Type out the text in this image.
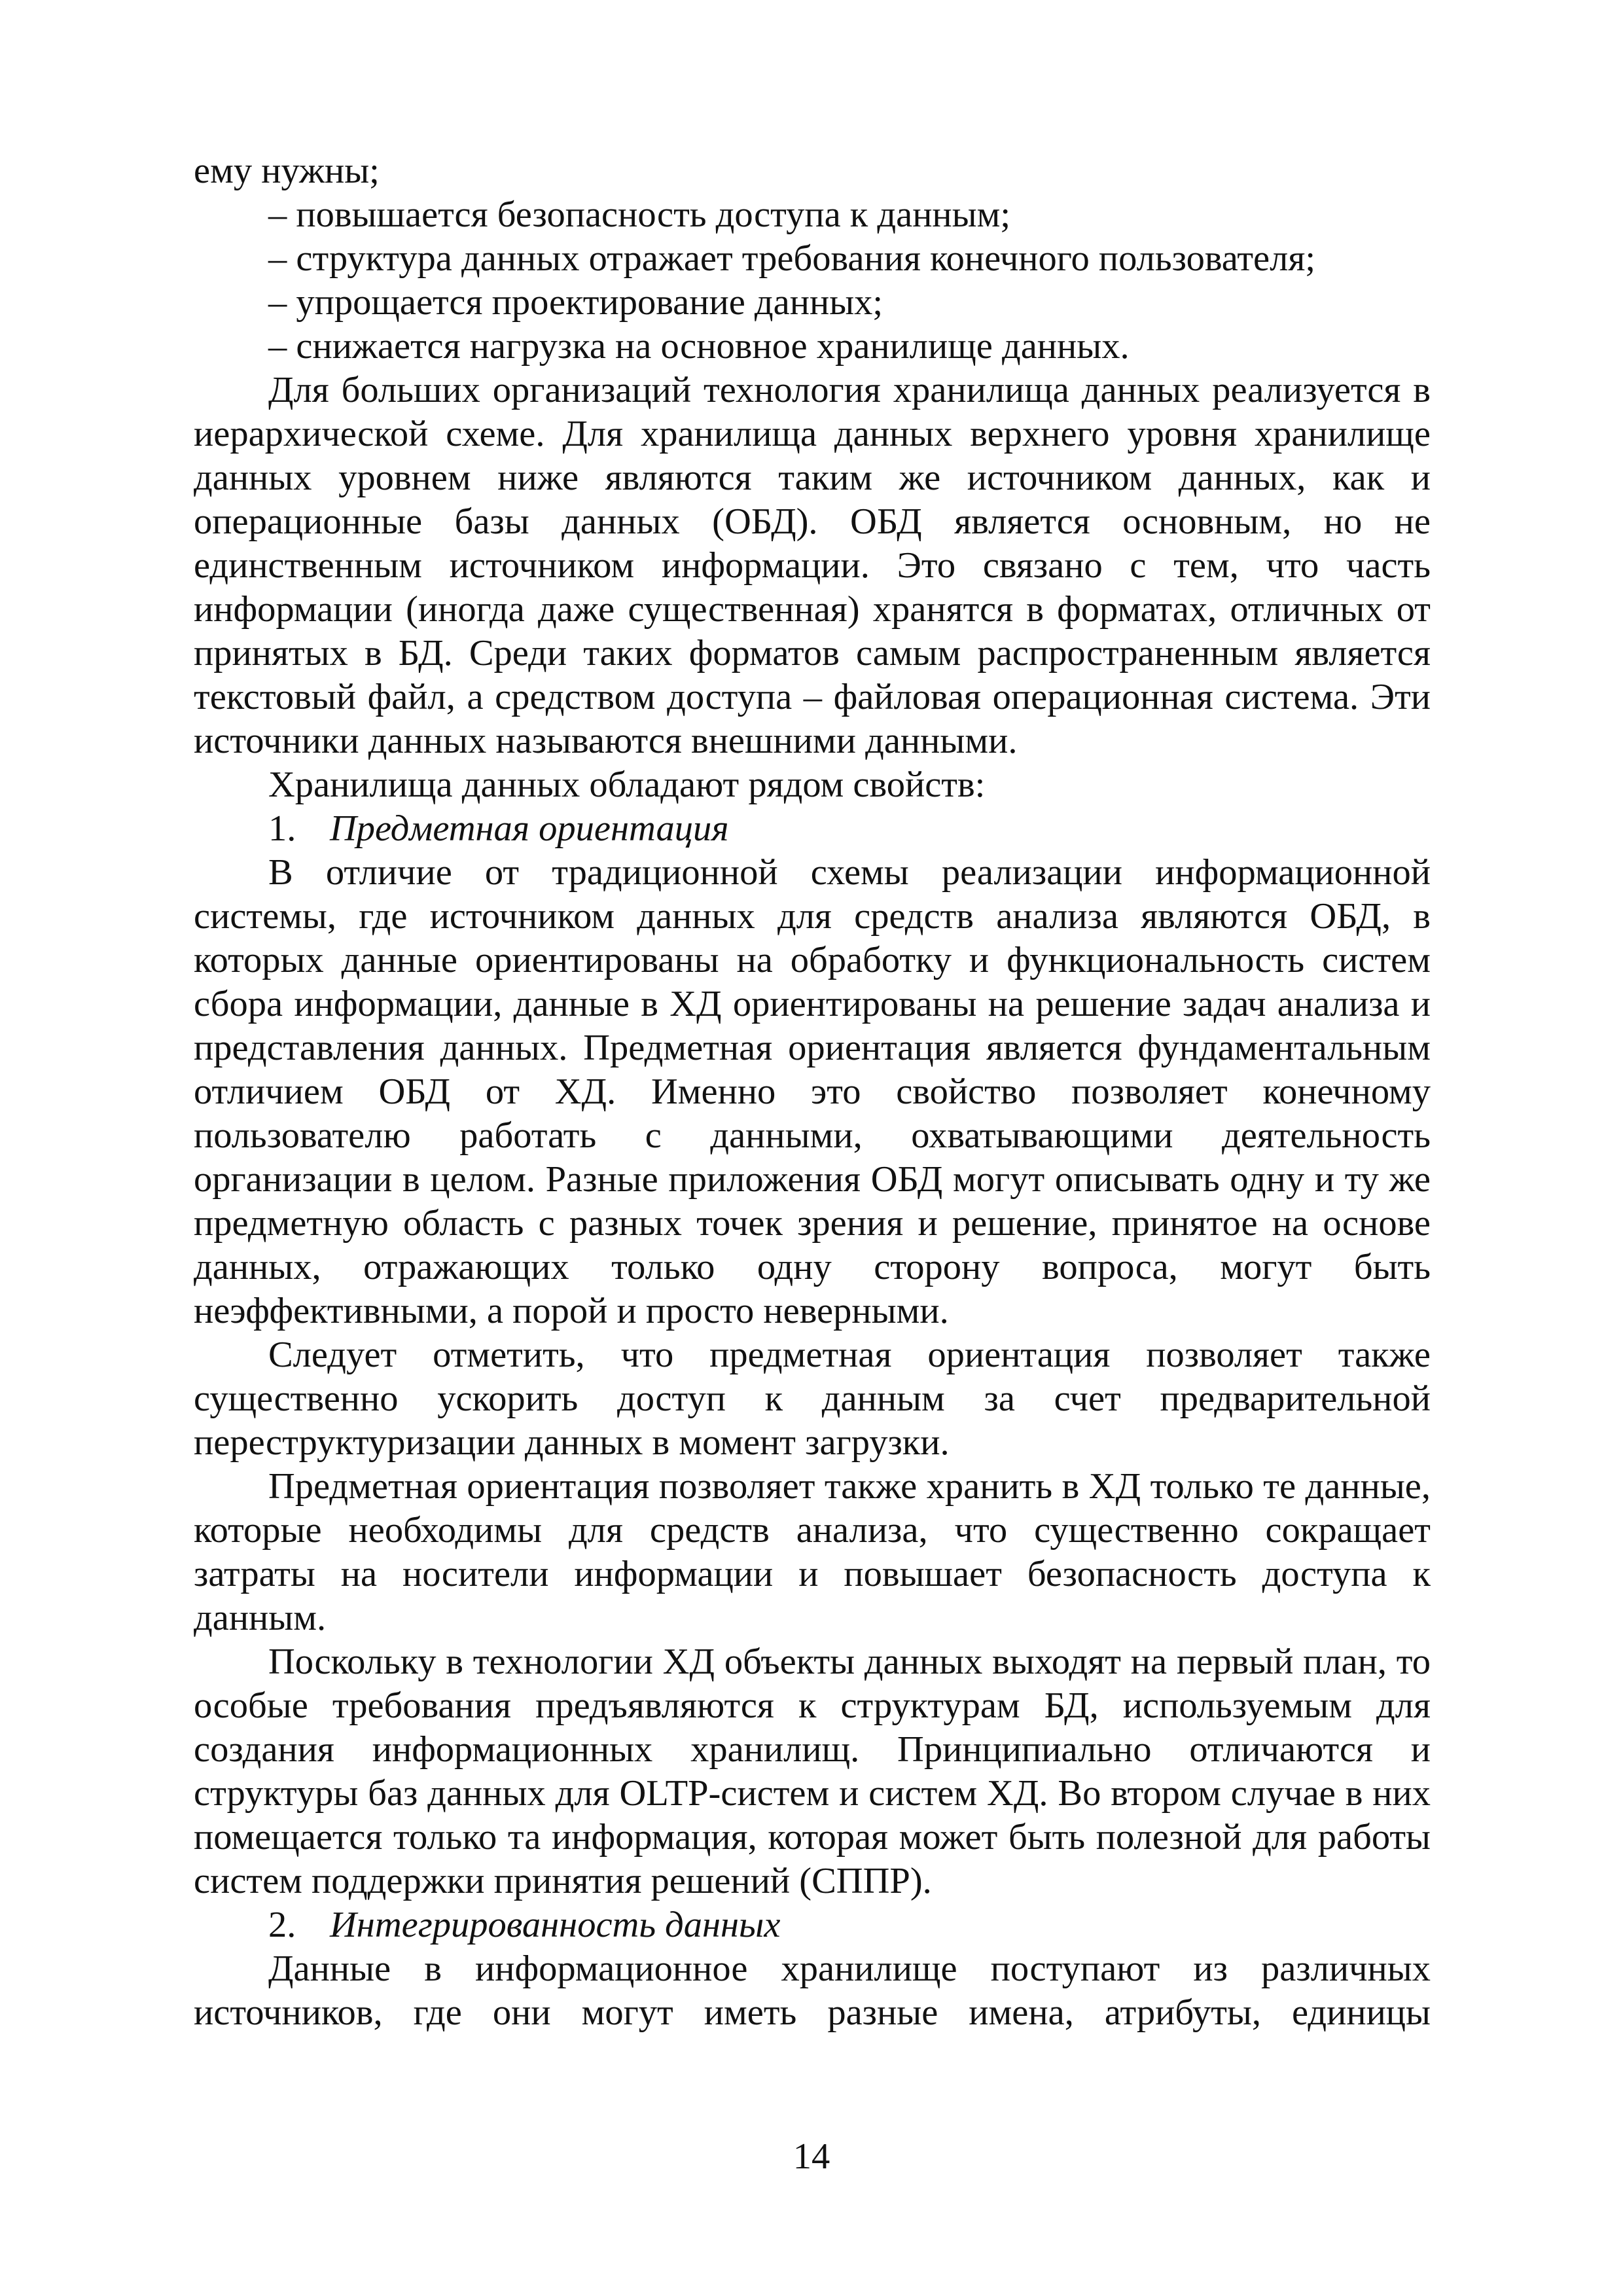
ему нужны;

– повышается безопасность доступа к данным;

– структура данных отражает требования конечного пользователя;

– упрощается проектирование данных;

– снижается нагрузка на основное хранилище данных.

Для больших организаций технология хранилища данных реализуется в иерархической схеме. Для хранилища данных верхнего уровня хранилище данных уровнем ниже являются таким же источником данных, как и операционные базы данных (ОБД). ОБД является основным, но не единственным источником информации. Это связано с тем, что часть информации (иногда даже существенная) хранятся в форматах, отличных от принятых в БД. Среди таких форматов самым распространенным является текстовый файл, а средством доступа – файловая операционная система. Эти источники данных называются внешними данными.

Хранилища данных обладают рядом свойств:

1. Предметная ориентация

В отличие от традиционной схемы реализации информационной системы, где источником данных для средств анализа являются ОБД, в которых данные ориентированы на обработку и функциональность систем сбора информации, данные в ХД ориентированы на решение задач анализа и представления данных. Предметная ориентация является фундаментальным отличием ОБД от ХД. Именно это свойство позволяет конечному пользователю работать с данными, охватывающими деятельность организации в целом. Разные приложения ОБД могут описывать одну и ту же предметную область с разных точек зрения и решение, принятое на основе данных, отражающих только одну сторону вопроса, могут быть неэффективными, а порой и просто неверными.

Следует отметить, что предметная ориентация позволяет также существенно ускорить доступ к данным за счет предварительной переструктуризации данных в момент загрузки.

Предметная ориентация позволяет также хранить в ХД только те данные, которые необходимы для средств анализа, что существенно сокращает затраты на носители информации и повышает безопасность доступа к данным.

Поскольку в технологии ХД объекты данных выходят на первый план, то особые требования предъявляются к структурам БД, используемым для создания информационных хранилищ. Принципиально отличаются и структуры баз данных для OLTP-систем и систем ХД. Во втором случае в них помещается только та информация, которая может быть полезной для работы систем поддержки принятия решений (СППР).

2. Интегрированность данных

Данные в информационное хранилище поступают из различных источников, где они могут иметь разные имена, атрибуты, единицы

14
